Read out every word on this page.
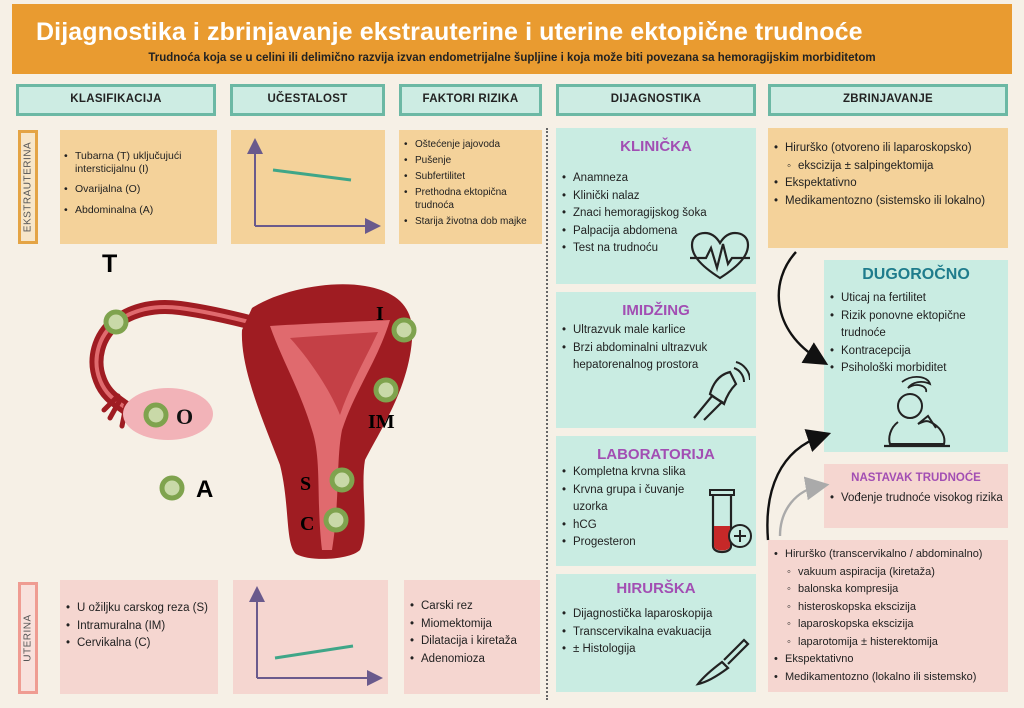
Dijagnostika i zbrinjavanje ekstrauterine i uterine ektopične trudnoće
Trudnoća koja se u celini ili delimično razvija izvan endometrijalne šupljine i koja može biti povezana sa hemoragijskim morbiditetom
KLASIFIKACIJA	UČESTALOST	FAKTORI RIZIKA	DIJAGNOSTIKA	ZBRINJAVANJE
EKSTRAUTERINA
•	Tubarna (T) uključujući intersticijalnu (I)
• Ovarijalna (O)
• Abdominalna (A)
• Oštećenje jajovoda
• Pušenje
• Subfertilitet
• Prethodna ektopična trudnoća
• Starija životna dob majke
T
I
O
A
IM
S
C
UTERINA
• U ožiljku carskog reza (S)
• Intramuralna (IM)
• Cervikalna (C)
• Carski rez
• Miomektomija
• Dilatacija i kiretaža
• Adenomioza
KLINIČKA
• Anamneza
• Klinički nalaz
• Znaci hemoragijskog šoka
• Palpacija abdomena
• Test na trudnoću
IMIDŽING
• Ultrazvuk male karlice
• Brzi abdominalni ultrazvuk hepatorenalnog prostora
LABORATORIJA
• Kompletna krvna slika
• Krvna grupa i čuvanje uzorka
• hCG
• Progesteron
HIRURŠKA
• Dijagnostička laparoskopija
• Transcervikalna evakuacija
• ± Histologija
• Hirurško (otvoreno ili laparoskopsko)
◦ ekscizija ± salpingektomija
• Ekspektativno
• Medikamentozno (sistemsko ili lokalno)
DUGOROČNO
• Uticaj na fertilitet
• Rizik ponovne ektopične trudnoće
• Kontracepcija
• Psihološki morbiditet
NASTAVAK TRUDNOĆE
• Vođenje trudnoće visokog rizika
• Hirurško (transcervikalno / abdominalno)
◦ vakuum aspiracija (kiretaža)
◦ balonska kompresija
◦ histeroskopska ekscizija
◦ laparoskopska ekscizija
◦ laparotomija ± histerektomija
• Ekspektativno
• Medikamentozno (lokalno ili sistemsko)
